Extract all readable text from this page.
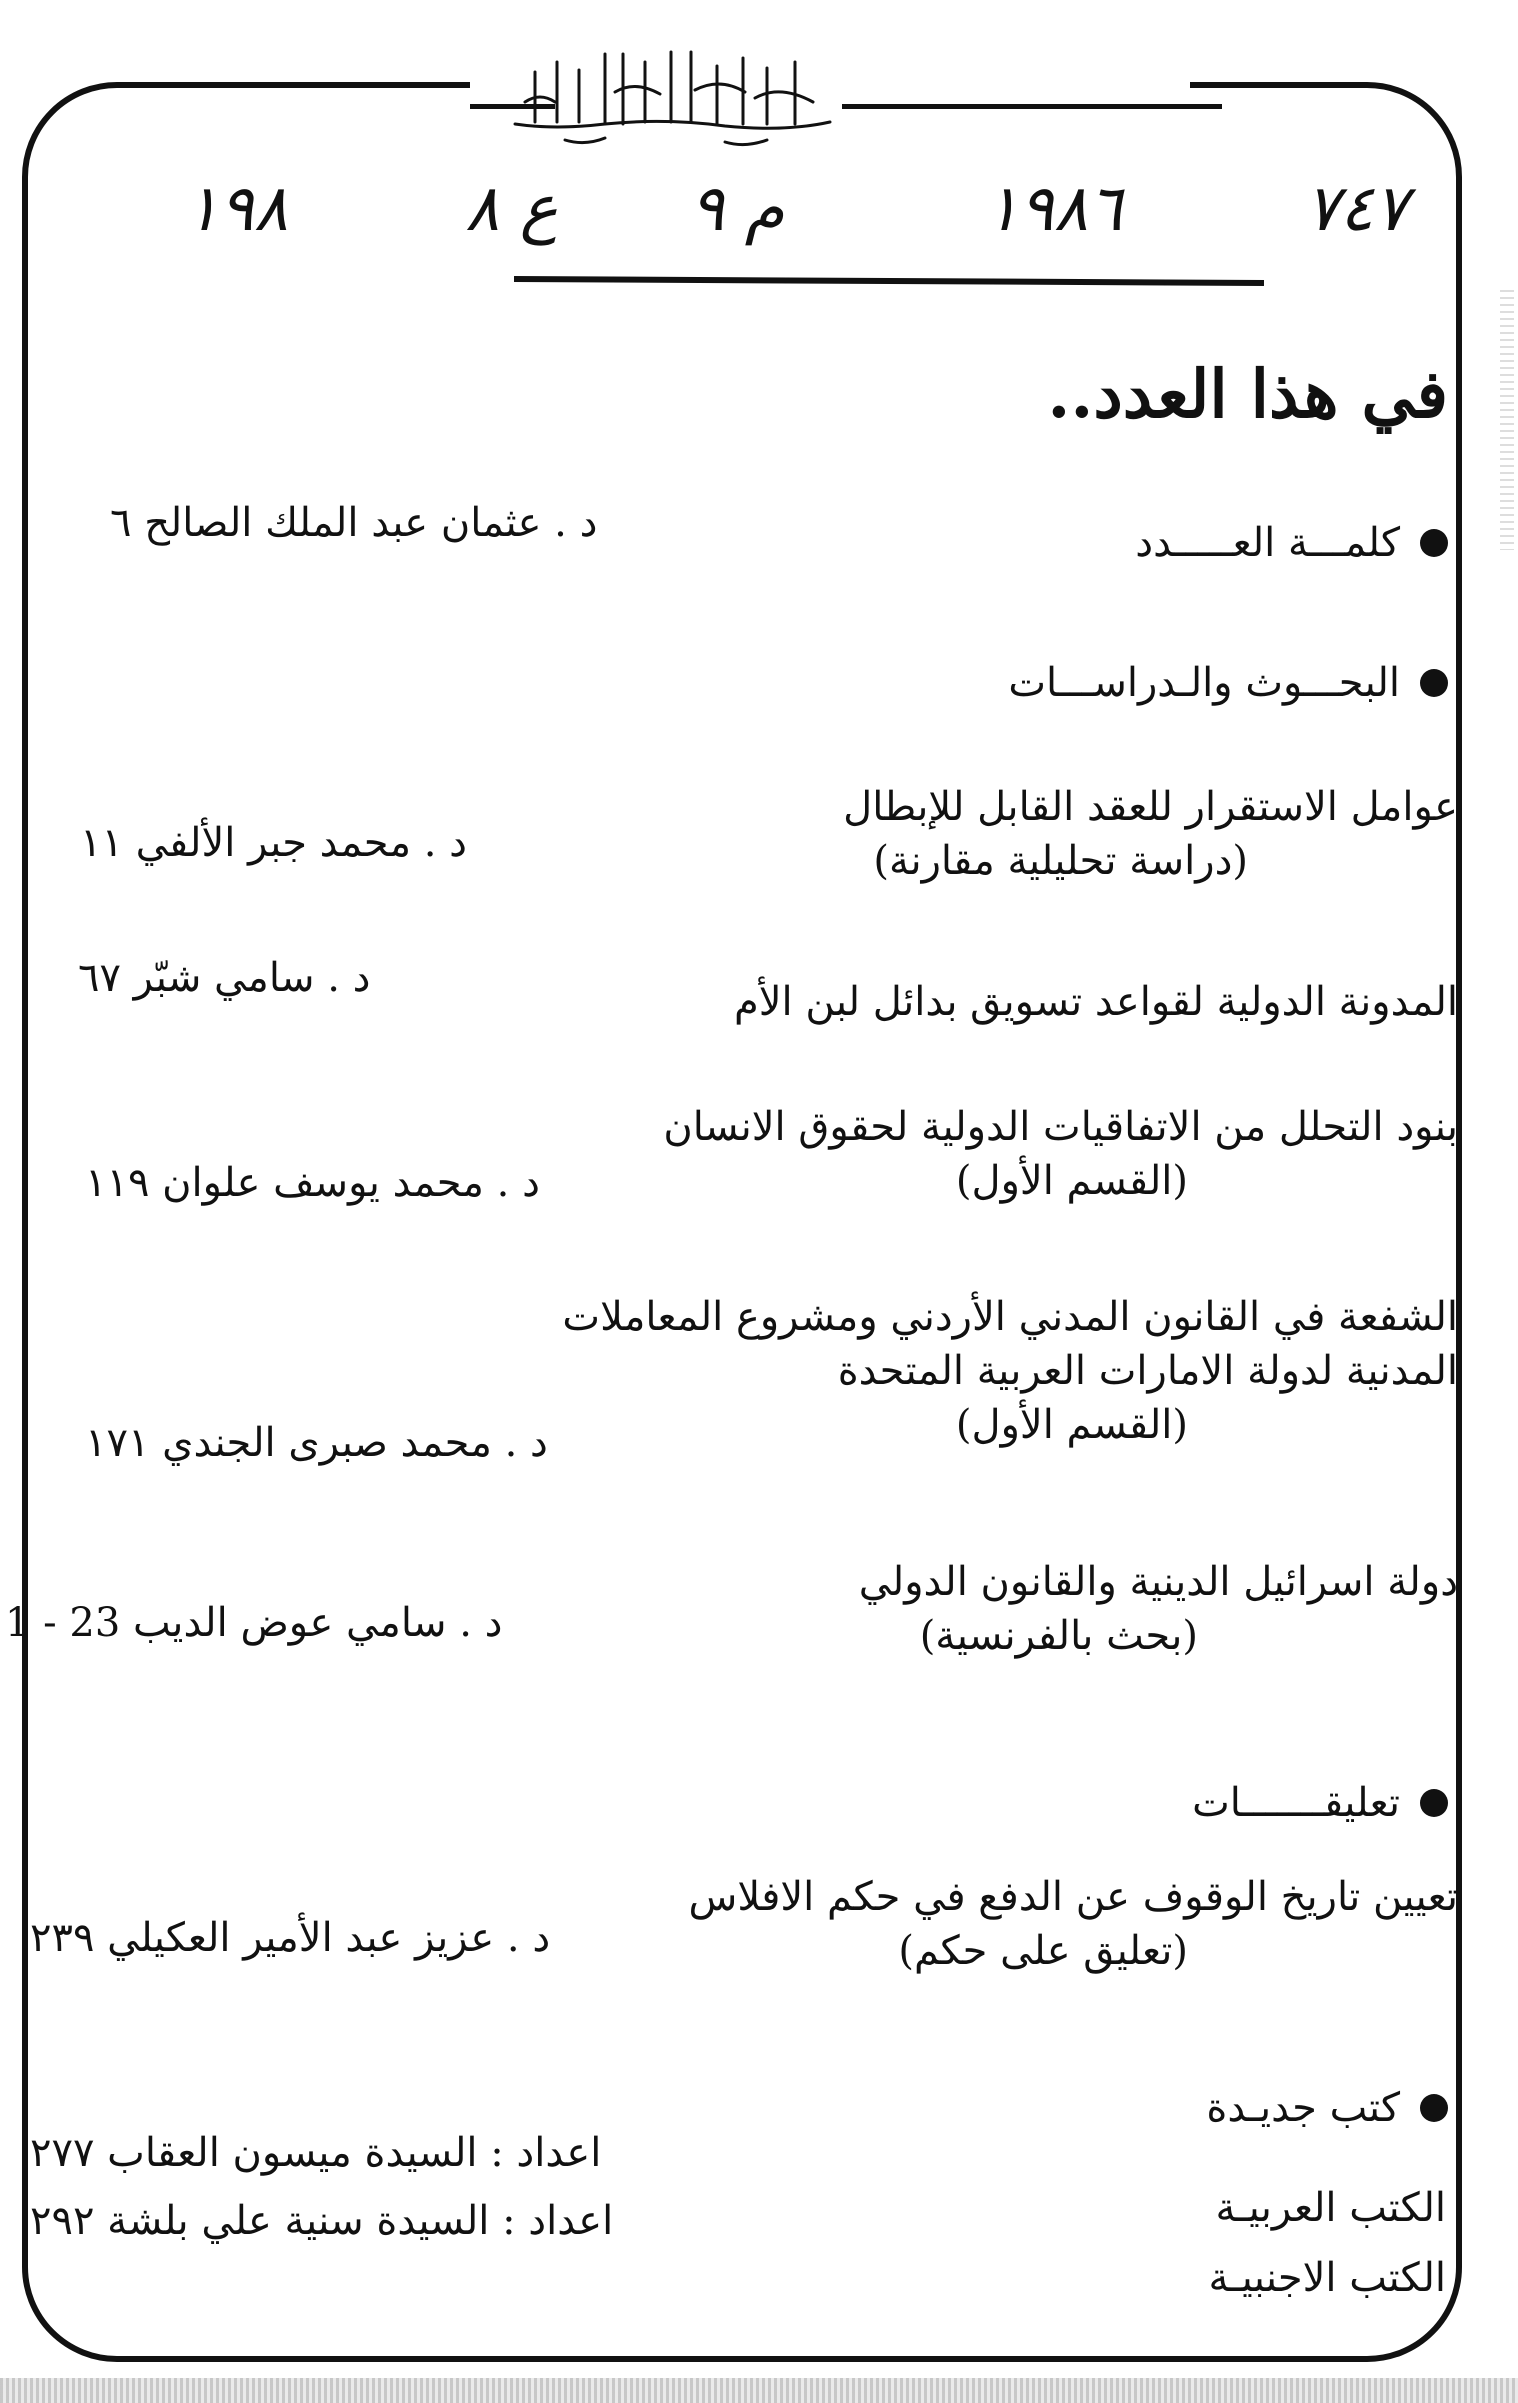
بسم الله الرحمن الرحيم
٧٤٧
١٩٨٦
م ٩
ع ٨
١٩٨
في هذا العدد..
كلمـــة العـــــدد
د . عثمان عبد الملك الصالح ٦
البحـــوث والـدراســـات
عوامل الاستقرار للعقد القابل للإبطال
(دراسة تحليلية مقارنة)
د . محمد جبر الألفي ١١
المدونة الدولية لقواعد تسويق بدائل لبن الأم
د . سامي شبّر ٦٧
بنود التحلل من الاتفاقيات الدولية لحقوق الانسان
(القسم الأول)
د . محمد يوسف علوان ١١٩
الشفعة في القانون المدني الأردني ومشروع المعاملات
المدنية لدولة الامارات العربية المتحدة
(القسم الأول)
د . محمد صبرى الجندي ١٧١
دولة اسرائيل الدينية والقانون الدولي
(بحث بالفرنسية)
د . سامي عوض الديب 23 - 1
تعليقـــــــات
تعيين تاريخ الوقوف عن الدفع في حكم الافلاس
(تعليق على حكم)
د . عزيز عبد الأمير العكيلي ٢٣٩
كتب جديـدة
الكتب العربيـة
الكتب الاجنبيـة
اعداد : السيدة ميسون العقاب ٢٧٧
اعداد : السيدة سنية علي بلشة ٢٩٢
